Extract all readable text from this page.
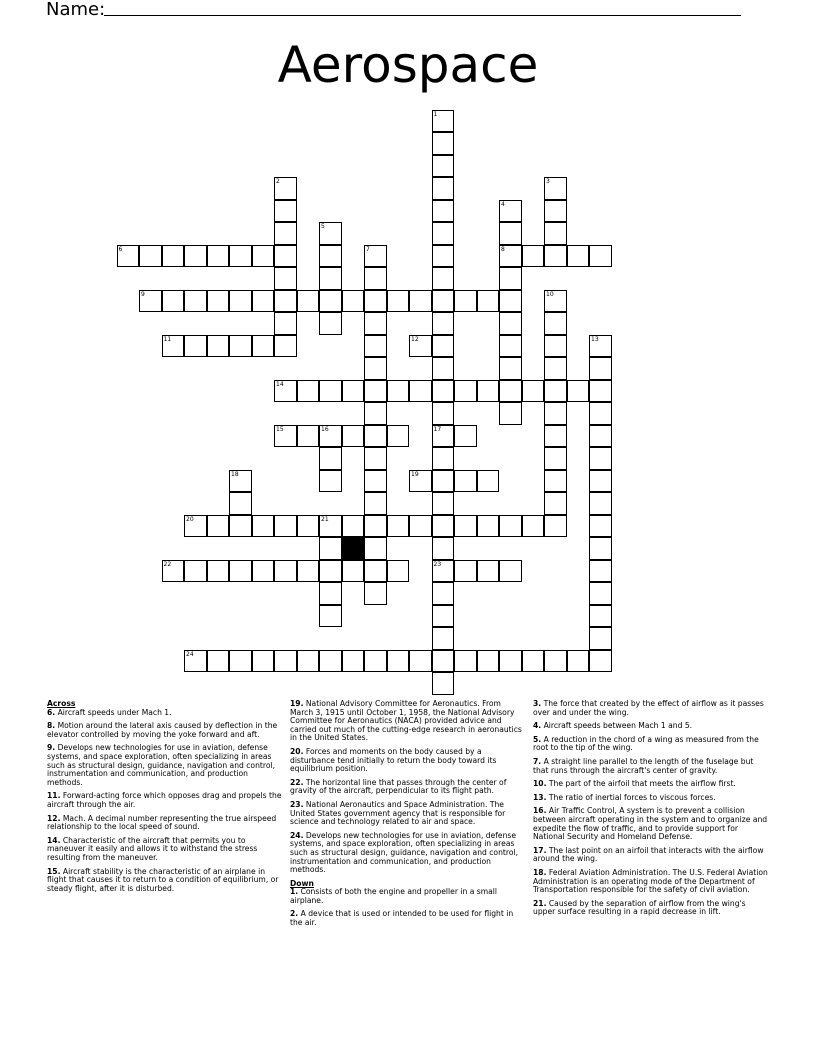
Name:
Aerospace
1
17
23
2	3
4
8
5
6	7
9	10
11	12	13
14
15	16
18	19
20	21
22
24
Across
6. Aircraft speeds under Mach 1.
8. Motion around the lateral axis caused by deflection in the elevator controlled by moving the yoke forward and aft.
9. Develops new technologies for use in aviation, defense systems, and space exploration, often specializing in areas such as structural design, guidance, navigation and control, instrumentation and communication, and production methods.
11. Forward-acting force which opposes drag and propels the aircraft through the air.
12. Mach. A decimal number representing the true airspeed relationship to the local speed of sound.
14. Characteristic of the aircraft that permits you to maneuver it easily and allows it to withstand the stress resulting from the maneuver.
15. Aircraft stability is the characteristic of an airplane in flight that causes it to return to a condition of equilibrium, or steady flight, after it is disturbed.
19. National Advisory Committee for Aeronautics. From March 3, 1915 until October 1, 1958, the National Advisory Committee for Aeronautics (NACA) provided advice and carried out much of the cutting-edge research in aeronautics in the United States.
20. Forces and moments on the body caused by a disturbance tend initially to return the body toward its equilibrium position.
22. The horizontal line that passes through the center of gravity of the aircraft, perpendicular to its flight path.
23. National Aeronautics and Space Administration. The United States government agency that is responsible for science and technology related to air and space.
24. Develops new technologies for use in aviation, defense systems, and space exploration, often specializing in areas such as structural design, guidance, navigation and control, instrumentation and communication, and production methods.
Down
1. Consists of both the engine and propeller in a small airplane.
2. A device that is used or intended to be used for flight in the air.
3. The force that created by the effect of airflow as it passes over and under the wing.
4. Aircraft speeds between Mach 1 and 5.
5. A reduction in the chord of a wing as measured from the root to the tip of the wing.
7. A straight line parallel to the length of the fuselage but that runs through the aircraft's center of gravity.
10. The part of the airfoil that meets the airflow first.
13. The ratio of inertial forces to viscous forces.
16. Air Traffic Control, A system is to prevent a collision between aircraft operating in the system and to organize and expedite the flow of traffic, and to provide support for National Security and Homeland Defense.
17. The last point on an airfoil that interacts with the airflow around the wing.
18. Federal Aviation Administration. The U.S. Federal Aviation Administration is an operating mode of the Department of Transportation responsible for the safety of civil aviation.
21. Caused by the separation of airflow from the wing's upper surface resulting in a rapid decrease in lift.
